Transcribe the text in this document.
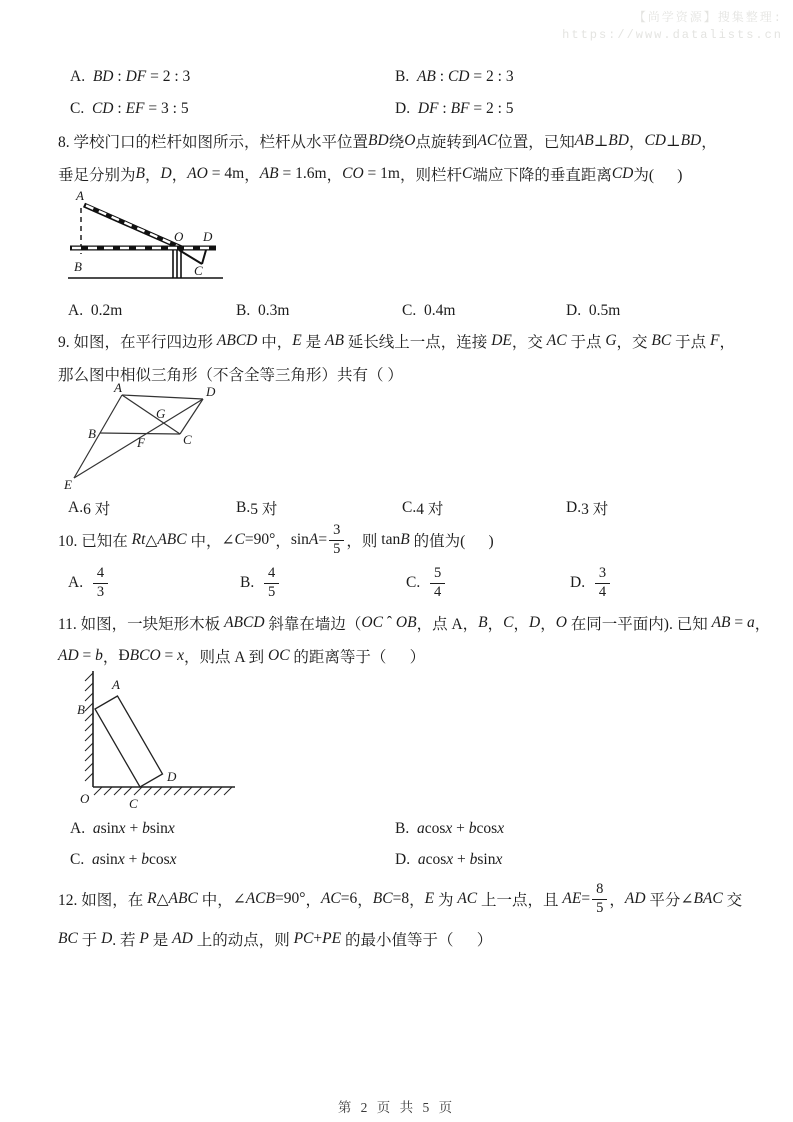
【尚学资源】搜集整理:
https://www.datalists.cn
A. BD : DF = 2 : 3	B. AB : CD = 2 : 3
C. CD : EF = 3 : 5	D. DF : BF = 2 : 5
8. 学校门口的栏杆如图所示，栏杆从水平位置 BD 绕 O 点旋转到 AC 位置，已知 AB ⊥ BD ， CD ⊥ BD ，
垂足分别为 B ， D ， AO = 4m ， AB = 1.6m ， CO = 1m ，则栏杆 C 端应下降的垂直距离 CD 为(      )
A
B
O D
C
A. 0.2m	B. 0.3m	C. 0.4m	D. 0.5m
9. 如图，在平行四边形 ABCD 中， E 是 AB 延长线上一点，连接 DE ，交 AC 于点 G ，交 BC 于点 F ，
那么图中相似三角形（不含全等三角形）共有（ ）
A	D
G
B	C
F
E
A. 6 对	B. 5 对	C. 4 对	D. 3 对
10. 已知在 Rt △ ABC 中， ∠ C =90° ， $\sin A = \frac{3}{5}$ ，则 tan B 的值为(      )
A.
$\frac{4}{3}$	B.
$\frac{4}{5}$	C.
$\frac{5}{4}$	D.
$\frac{3}{4}$
11. 如图，一块矩形木板 ABCD 斜靠在墙边（ OC ˆ OB ，点 A， B ， C ， D ， O 在同一平面内). 已知 AB = a ，
AD = b ， Ð BCO = x ，则点 A 到 OC 的距离等于（      ）
A
B
O	C
D
A. asinx + bsinx	B. acosx + bcosx
C. asinx + bcosx	D. acosx + bsinx
12. 如图，在 R △ ABC 中， ∠ ACB =90° ， AC =6 ， BC =8 ， E 为 AC 上一点，且 AE = $\frac{8}{5}$ ， AD 平分 ∠ BAC 交
BC 于 D . 若 P 是 AD 上的动点，则 PC + PE 的最小值等于（      ）
第 2 页 共 5 页
